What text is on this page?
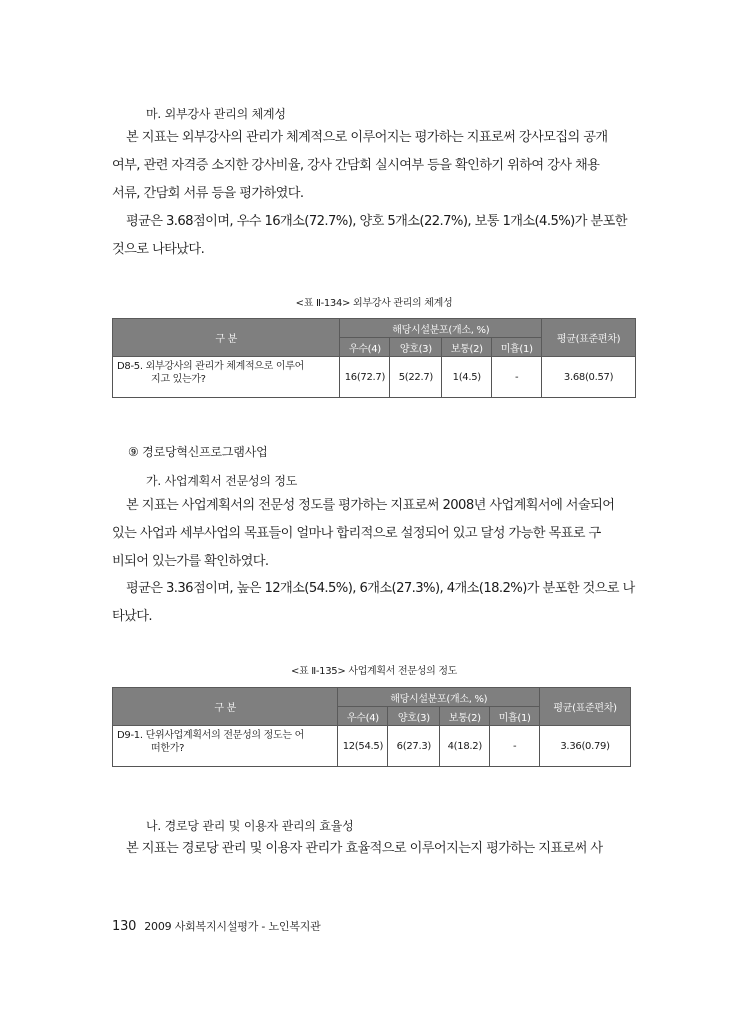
마. 외부강사 관리의 체계성

본 지표는 외부강사의 관리가 체계적으로 이루어지는 평가하는 지표로써 강사모집의 공개
여부, 관련 자격증 소지한 강사비율, 강사 간담회 실시여부 등을 확인하기 위하여 강사 채용
서류, 간담회 서류 등을 평가하였다.

평균은 3.68점이며, 우수 16개소(72.7%), 양호 5개소(22.7%), 보통 1개소(4.5%)가 분포한
것으로 나타났다.

<표 Ⅱ-134> 외부강사 관리의 체계성
구 분	해당시설분포(개소, %)				평균(표준편차)
	우수(4)	양호(3)	보통(2)	미흡(1)	
D8-5. 외부강사의 관리가 체계적으로 이루어
지고 있는가?	16(72.7)	5(22.7)	1(4.5)	-	3.68(0.57)
⑨ 경로당혁신프로그램사업
가. 사업계획서 전문성의 정도

본 지표는 사업계획서의 전문성 정도를 평가하는 지표로써 2008년 사업계획서에 서술되어
있는 사업과 세부사업의 목표들이 얼마나 합리적으로 설정되어 있고 달성 가능한 목표로 구
비되어 있는가를 확인하였다.

평균은 3.36점이며, 높은 12개소(54.5%), 6개소(27.3%), 4개소(18.2%)가 분포한 것으로 나
타났다.

<표 Ⅱ-135> 사업계획서 전문성의 정도
구 분	해당시설분포(개소, %)				평균(표준편차)
	우수(4)	양호(3)	보통(2)	미흡(1)	
D9-1. 단위사업계획서의 전문성의 정도는 어
떠한가?	12(54.5)	6(27.3)	4(18.2)	-	3.36(0.79)
나. 경로당 관리 및 이용자 관리의 효율성

본 지표는 경로당 관리 및 이용자 관리가 효율적으로 이루어지는지 평가하는 지표로써 사

130 2009 사회복지시설평가 - 노인복지관
